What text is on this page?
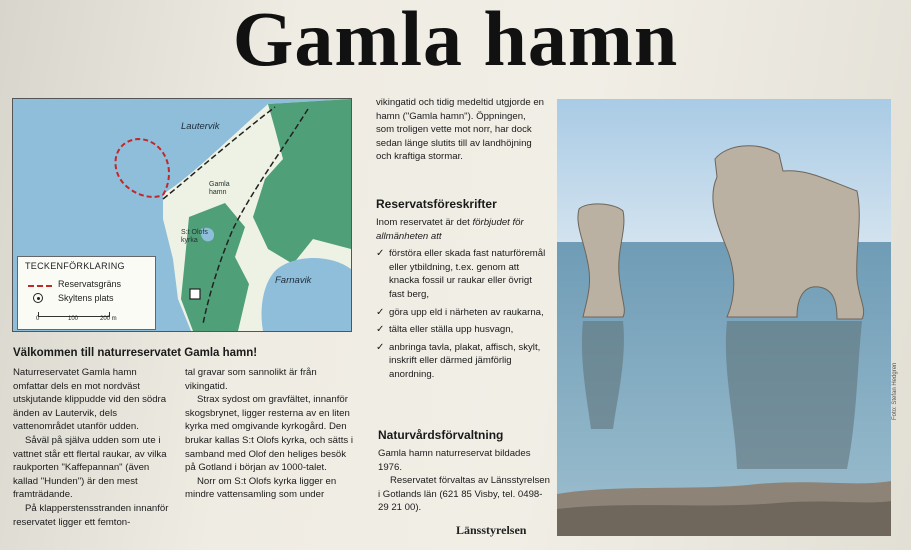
Gamla hamn
Lautervik
Gamla
hamn
S:t Olofs
kyrka
Farnavik
TECKENFÖRKLARING
Reservatsgräns
Skyltens plats
0	100	200 m
Välkommen till naturreservatet Gamla hamn!

Naturreservatet Gamla hamn omfattar dels en mot nordväst utskjutande klippudde vid den södra änden av Lautervik, dels vattenområdet utanför udden.

Såväl på själva udden som ute i vattnet står ett flertal raukar, av vilka raukporten "Kaffepannan" (även kallad "Hunden") är den mest framträdande.

På klapperstensstranden innanför reservatet ligger ett femton-

tal gravar som sannolikt är från vikingatid.

Strax sydost om gravfältet, innanför skogsbrynet, ligger resterna av en liten kyrka med omgivande kyrkogård. Den brukar kallas S:t Olofs kyrka, och sätts i samband med Olof den heliges besök på Gotland i början av 1000-talet.

Norr om S:t Olofs kyrka ligger en mindre vattensamling som under

vikingatid och tidig medeltid utgjorde en hamn ("Gamla hamn"). Öppningen, som troligen vette mot norr, har dock sedan länge slutits till av landhöjning och kraftiga stormar.

Reservatsföreskrifter

Inom reservatet är det förbjudet för allmänheten att

✓ förstöra eller skada fast naturföremål eller ytbildning, t.ex. genom att knacka fossil ur raukar eller övrigt fast berg,

✓ göra upp eld i närheten av raukarna,

✓ tälta eller ställa upp husvagn,

✓ anbringa tavla, plakat, affisch, skylt, inskrift eller därmed jämförlig anordning.

Naturvårdsförvaltning

Gamla hamn naturreservat bildades 1976.

Reservatet förvaltas av Länsstyrelsen i Gotlands län (621 85 Visby, tel. 0498-29 21 00).

Länsstyrelsen
Foto: Stefan Hedgren
